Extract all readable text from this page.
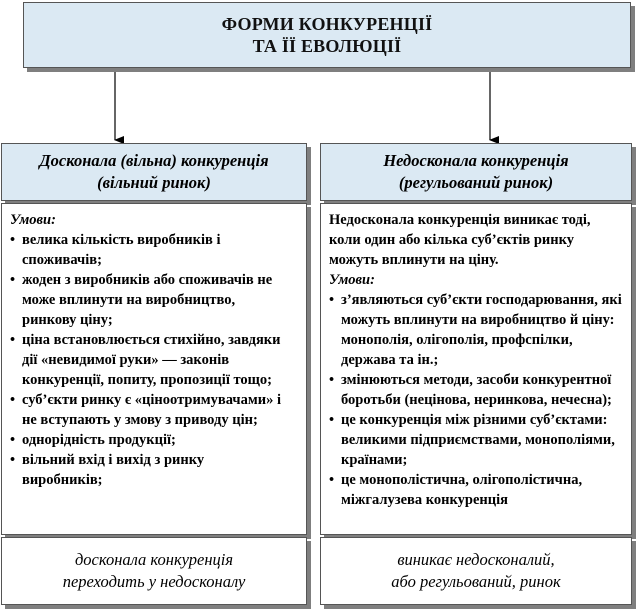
ФОРМИ КОНКУРЕНЦІЇ
ТА ЇЇ ЕВОЛЮЦІЇ
Досконала (вільна) конкуренція
(вільний ринок)
Недосконала конкуренція
(регульований ринок)
Умови:
• велика кількість виробників і споживачів;
• жоден з виробників або споживачів не може вплинути на виробництво, ринкову ціну;
• ціна встановлюється стихійно, завдяки дії «невидимої руки» — законів конкуренції, попиту, пропозиції тощо;
• суб’єкти ринку є «ціноотримувачами» і не вступають у змову з приводу цін;
• однорідність продукції;
• вільний вхід і вихід з ринку виробників;

Недосконала конкуренція виникає тоді, коли один або кілька суб’єктів ринку можуть вплинути на ціну.

Умови:
• з’являються суб’єкти господарювання, які можуть вплинути на виробництво й ціну: монополія, олігополія, профспілки, держава та ін.;
• змінюються методи, засоби конкурентної боротьби (нецінова, неринкова, нечесна);
• це конкуренція між різними суб’єктами: великими підприємствами, монополіями, країнами;
• це монополістична, олігополістична, міжгалузева конкуренція
досконала конкуренція
переходить у недосконалу
виникає недосконалий,
або регульований, ринок
